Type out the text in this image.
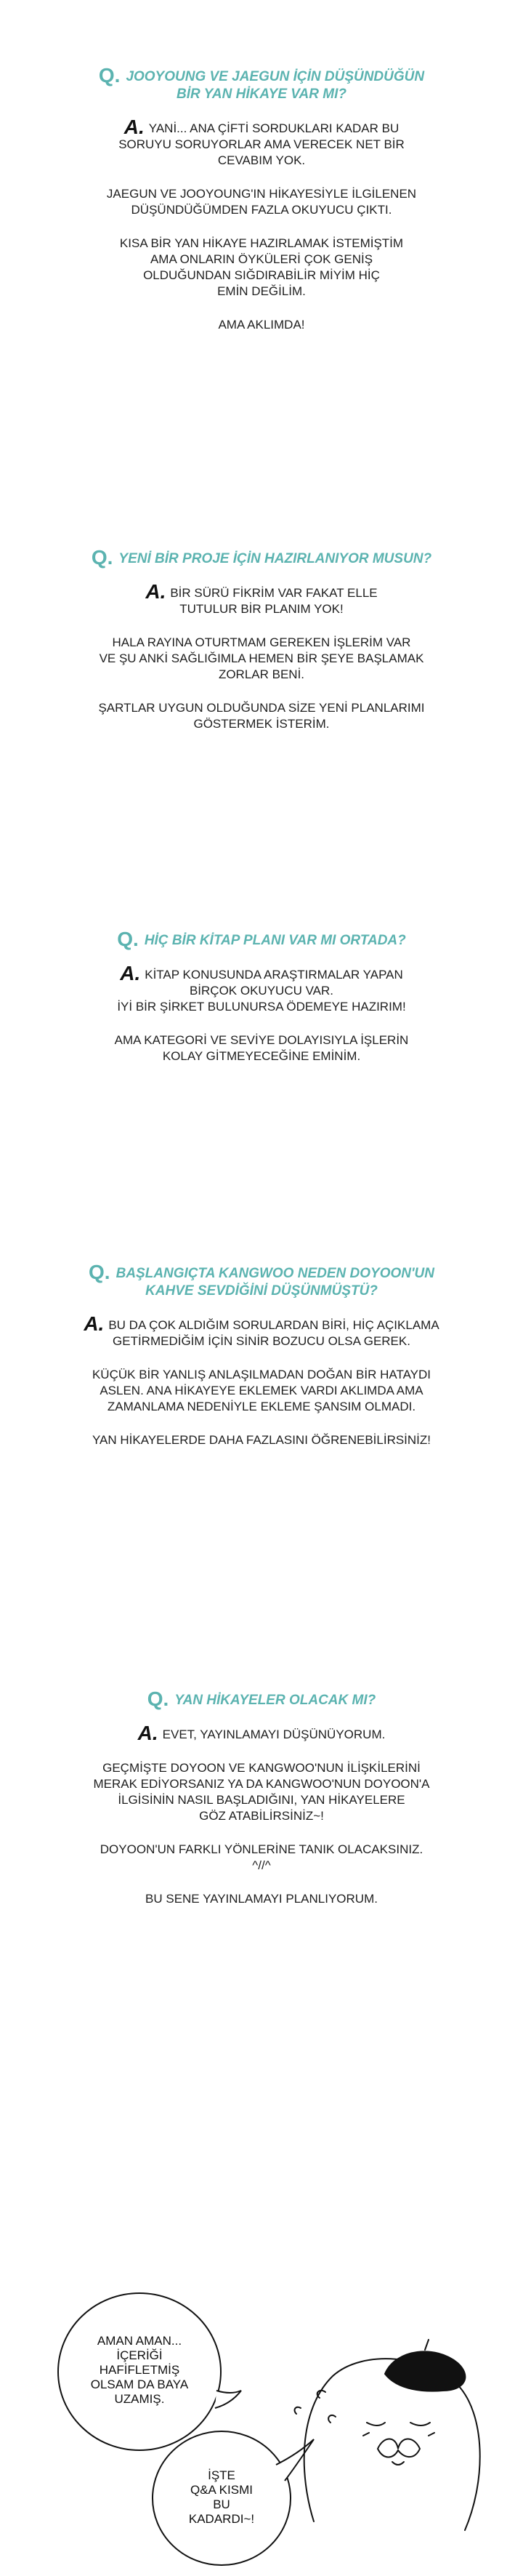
Q. JOOYOUNG VE JAEGUN İÇİN DÜŞÜNDÜĞÜN
BİR YAN HİKAYE VAR MI?

A. YANİ... ANA ÇİFTİ SORDUKLARI KADAR BU
SORUYU SORUYORLAR AMA VERECEK NET BİR
CEVABIM YOK.

JAEGUN VE JOOYOUNG'IN HİKAYESİYLE İLGİLENEN
DÜŞÜNDÜĞÜMDEN FAZLA OKUYUCU ÇIKTI.

KISA BİR YAN HİKAYE HAZIRLAMAK İSTEMİŞTİM
AMA ONLARIN ÖYKÜLERİ ÇOK GENİŞ
OLDUĞUNDAN SIĞDIRABİLİR MİYİM HİÇ
EMİN DEĞİLİM.

AMA AKLIMDA!

Q. YENİ BİR PROJE İÇİN HAZIRLANIYOR MUSUN?

A. BİR SÜRÜ FİKRİM VAR FAKAT ELLE
TUTULUR BİR PLANIM YOK!

HALA RAYINA OTURTMAM GEREKEN İŞLERİM VAR
VE ŞU ANKİ SAĞLIĞIMLA HEMEN BİR ŞEYE BAŞLAMAK
ZORLAR BENİ.

ŞARTLAR UYGUN OLDUĞUNDA SİZE YENİ PLANLARIMI
GÖSTERMEK İSTERİM.

Q. HİÇ BİR KİTAP PLANI VAR MI ORTADA?

A. KİTAP KONUSUNDA ARAŞTIRMALAR YAPAN
BİRÇOK OKUYUCU VAR.
İYİ BİR ŞİRKET BULUNURSA ÖDEMEYE HAZIRIM!

AMA KATEGORİ VE SEVİYE DOLAYISIYLA İŞLERİN
KOLAY GİTMEYECEĞİNE EMİNİM.

Q. BAŞLANGIÇTA KANGWOO NEDEN DOYOON'UN
KAHVE SEVDİĞİNİ DÜŞÜNMÜŞTÜ?

A. BU DA ÇOK ALDIĞIM SORULARDAN BİRİ, HİÇ AÇIKLAMA
GETİRMEDİĞİM İÇİN SİNİR BOZUCU OLSA GEREK.

KÜÇÜK BİR YANLIŞ ANLAŞILMADAN DOĞAN BİR HATAYDI
ASLEN. ANA HİKAYEYE EKLEMEK VARDI AKLIMDA AMA
ZAMANLAMA NEDENİYLE EKLEME ŞANSIM OLMADI.

YAN HİKAYELERDE DAHA FAZLASINI ÖĞRENEBİLİRSİNİZ!

Q. YAN HİKAYELER OLACAK MI?

A. EVET, YAYINLAMAYI DÜŞÜNÜYORUM.

GEÇMİŞTE DOYOON VE KANGWOO'NUN İLİŞKİLERİNİ
MERAK EDİYORSANIZ YA DA KANGWOO'NUN DOYOON'A
İLGİSİNİN NASIL BAŞLADIĞINI, YAN HİKAYELERE
GÖZ ATABİLİRSİNİZ~!

DOYOON'UN FARKLI YÖNLERİNE TANIK OLACAKSINIZ.
^//^

BU SENE YAYINLAMAYI PLANLIYORUM.

AMAN AMAN...
İÇERİĞİ
HAFİFLETMİŞ
OLSAM DA BAYA
UZAMIŞ.
İŞTE
Q&A KISMI
BU
KADARDI~!
